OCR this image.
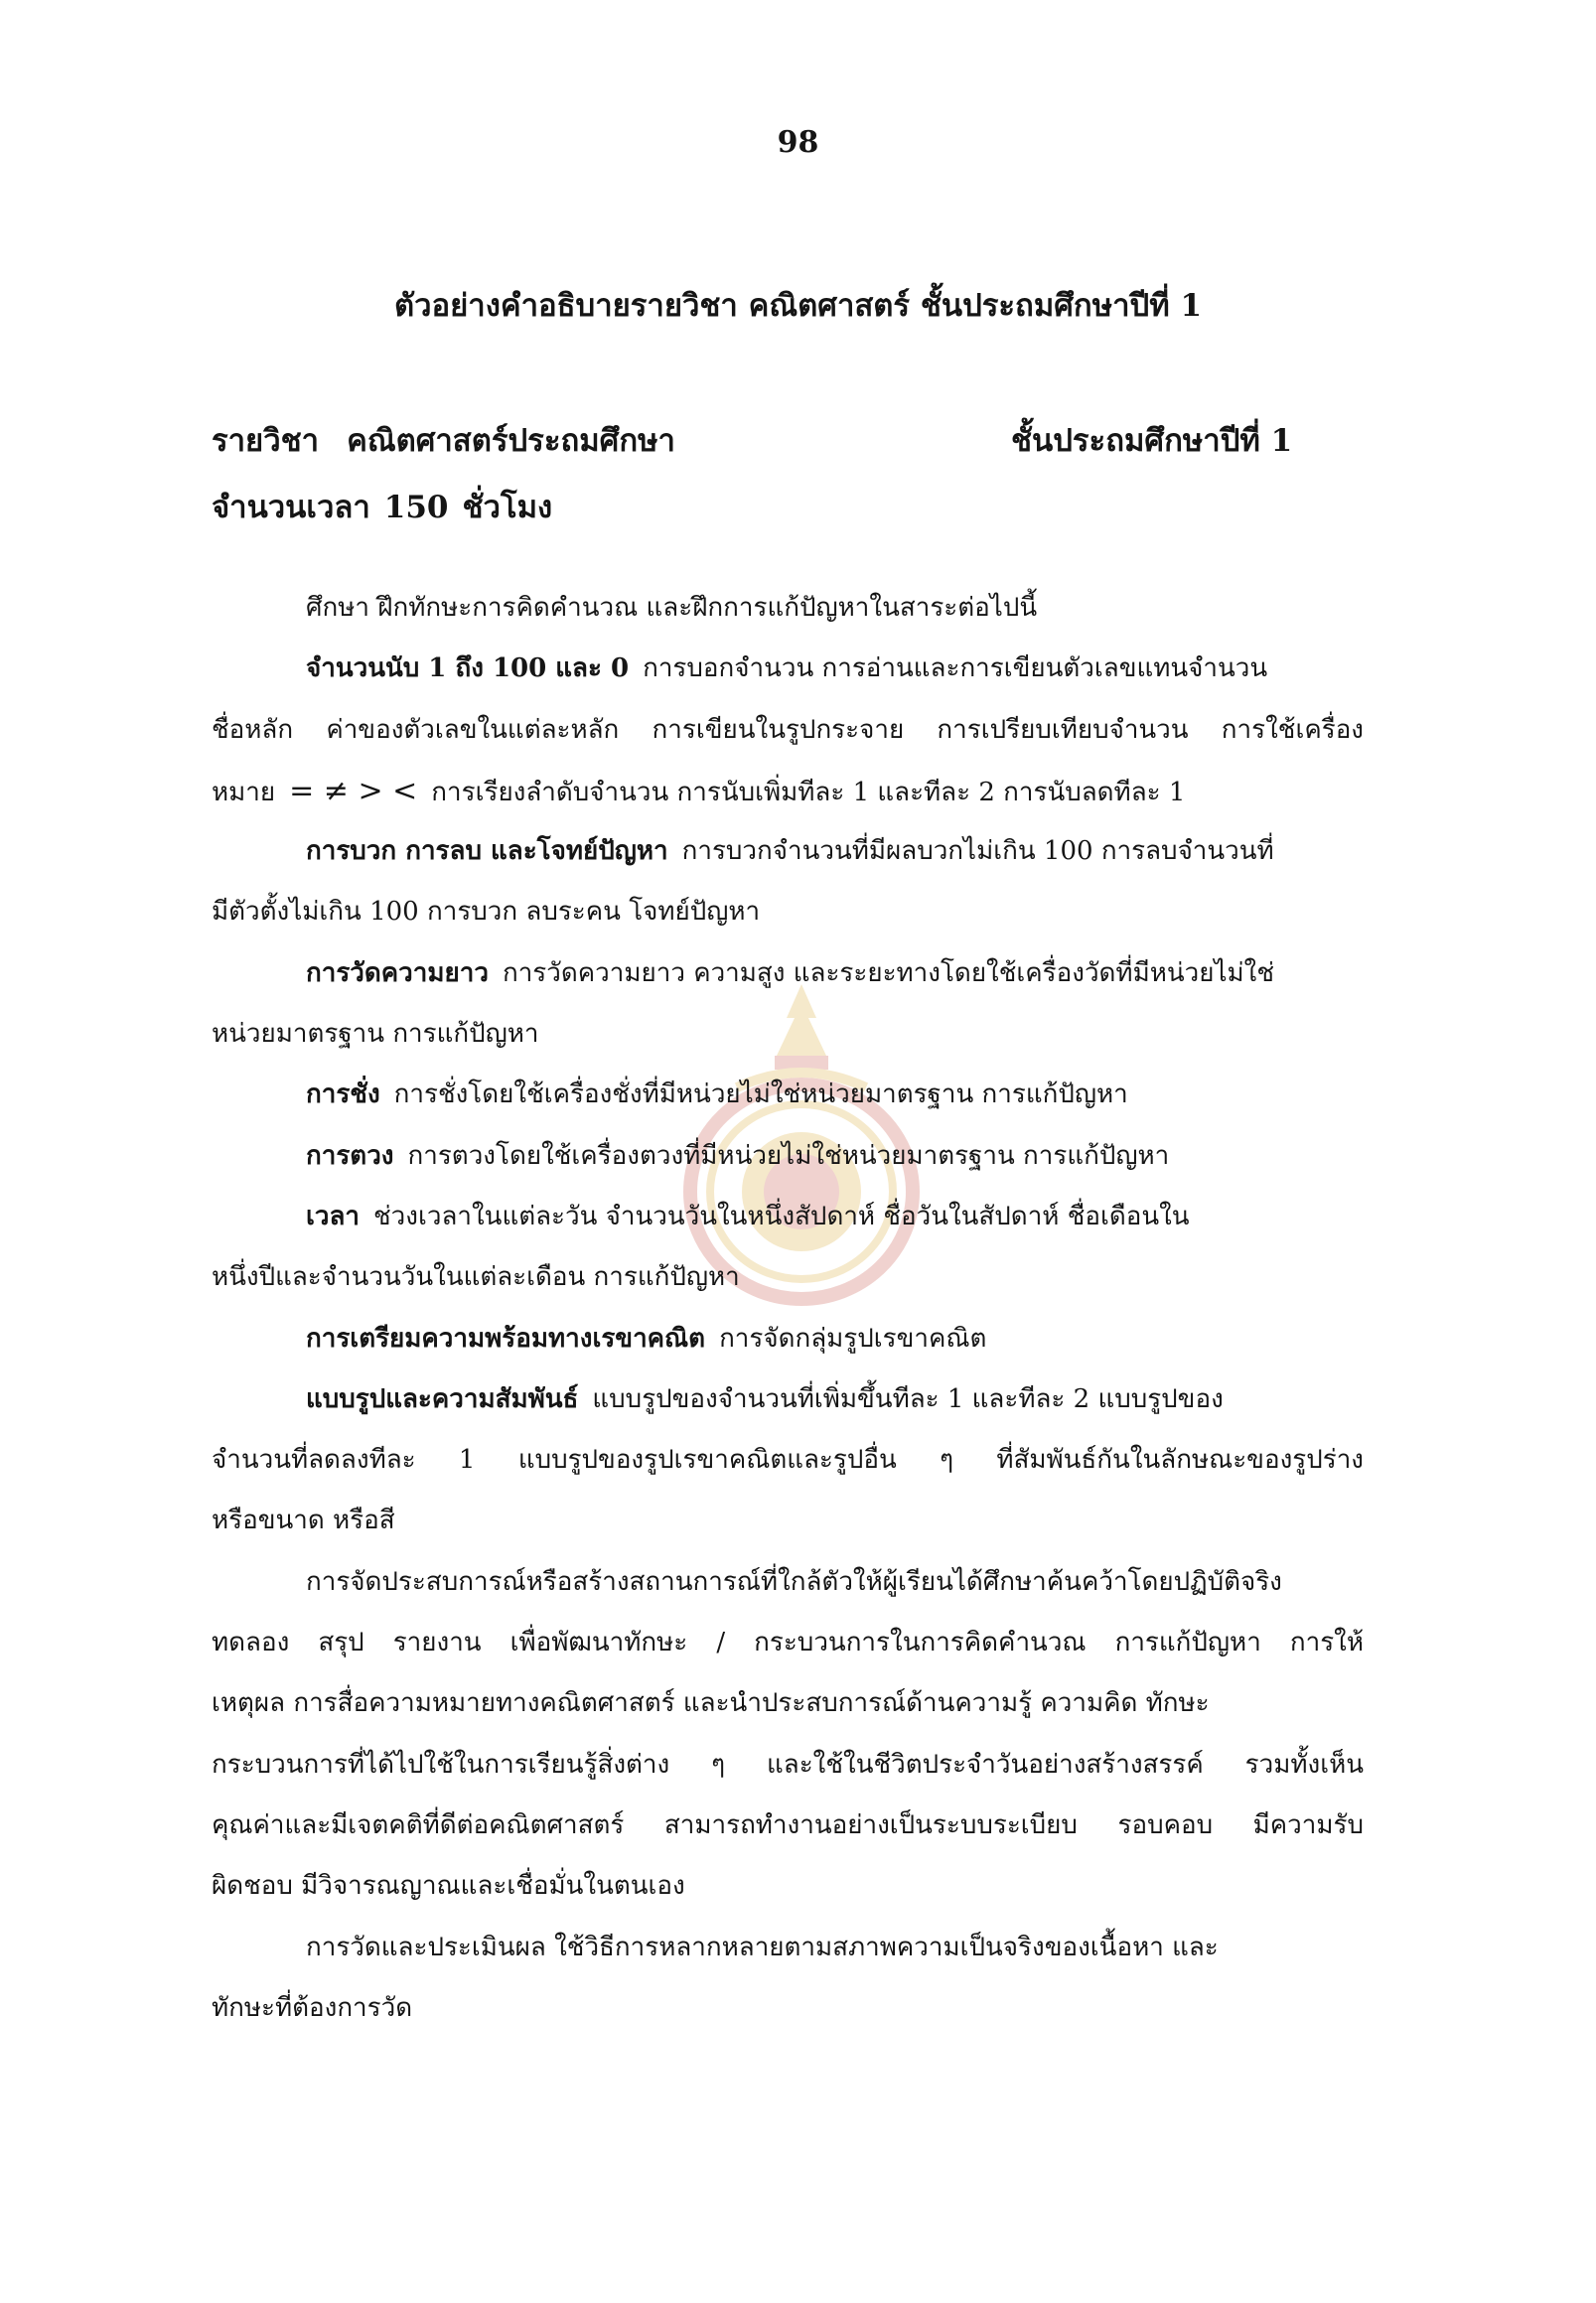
98
ตัวอย่างคำอธิบายรายวิชา คณิตศาสตร์ ชั้นประถมศึกษาปีที่ 1
รายวิชา คณิตศาสตร์ประถมศึกษา	ชั้นประถมศึกษาปีที่ 1
จำนวนเวลา 150 ชั่วโมง
ศึกษา ฝึกทักษะการคิดคำนวณ และฝึกการแก้ปัญหาในสาระต่อไปนี้
จำนวนนับ 1 ถึง 100 และ 0 การบอกจำนวน การอ่านและการเขียนตัวเลขแทนจำนวน
ชื่อหลัก ค่าของตัวเลขในแต่ละหลัก การเขียนในรูปกระจาย การเปรียบเทียบจำนวน การใช้เครื่อง
หมาย = ≠ > < การเรียงลำดับจำนวน การนับเพิ่มทีละ 1 และทีละ 2 การนับลดทีละ 1
การบวก การลบ และโจทย์ปัญหา การบวกจำนวนที่มีผลบวกไม่เกิน 100 การลบจำนวนที่
มีตัวตั้งไม่เกิน 100 การบวก ลบระคน โจทย์ปัญหา
การวัดความยาว การวัดความยาว ความสูง และระยะทางโดยใช้เครื่องวัดที่มีหน่วยไม่ใช่
หน่วยมาตรฐาน การแก้ปัญหา
การชั่ง การชั่งโดยใช้เครื่องชั่งที่มีหน่วยไม่ใช่หน่วยมาตรฐาน การแก้ปัญหา
การตวง การตวงโดยใช้เครื่องตวงที่มีหน่วยไม่ใช่หน่วยมาตรฐาน การแก้ปัญหา
เวลา ช่วงเวลาในแต่ละวัน จำนวนวันในหนึ่งสัปดาห์ ชื่อวันในสัปดาห์ ชื่อเดือนใน
หนึ่งปีและจำนวนวันในแต่ละเดือน การแก้ปัญหา
การเตรียมความพร้อมทางเรขาคณิต การจัดกลุ่มรูปเรขาคณิต
แบบรูปและความสัมพันธ์ แบบรูปของจำนวนที่เพิ่มขึ้นทีละ 1 และทีละ 2 แบบรูปของ
จำนวนที่ลดลงทีละ 1 แบบรูปของรูปเรขาคณิตและรูปอื่น ๆ ที่สัมพันธ์กันในลักษณะของรูปร่าง
หรือขนาด หรือสี
การจัดประสบการณ์หรือสร้างสถานการณ์ที่ใกล้ตัวให้ผู้เรียนได้ศึกษาค้นคว้าโดยปฏิบัติจริง
ทดลอง สรุป รายงาน เพื่อพัฒนาทักษะ / กระบวนการในการคิดคำนวณ การแก้ปัญหา การให้
เหตุผล การสื่อความหมายทางคณิตศาสตร์ และนำประสบการณ์ด้านความรู้ ความคิด ทักษะ
กระบวนการที่ได้ไปใช้ในการเรียนรู้สิ่งต่าง ๆ และใช้ในชีวิตประจำวันอย่างสร้างสรรค์ รวมทั้งเห็น
คุณค่าและมีเจตคติที่ดีต่อคณิตศาสตร์ สามารถทำงานอย่างเป็นระบบระเบียบ รอบคอบ มีความรับ
ผิดชอบ มีวิจารณญาณและเชื่อมั่นในตนเอง
การวัดและประเมินผล ใช้วิธีการหลากหลายตามสภาพความเป็นจริงของเนื้อหา และ
ทักษะที่ต้องการวัด
